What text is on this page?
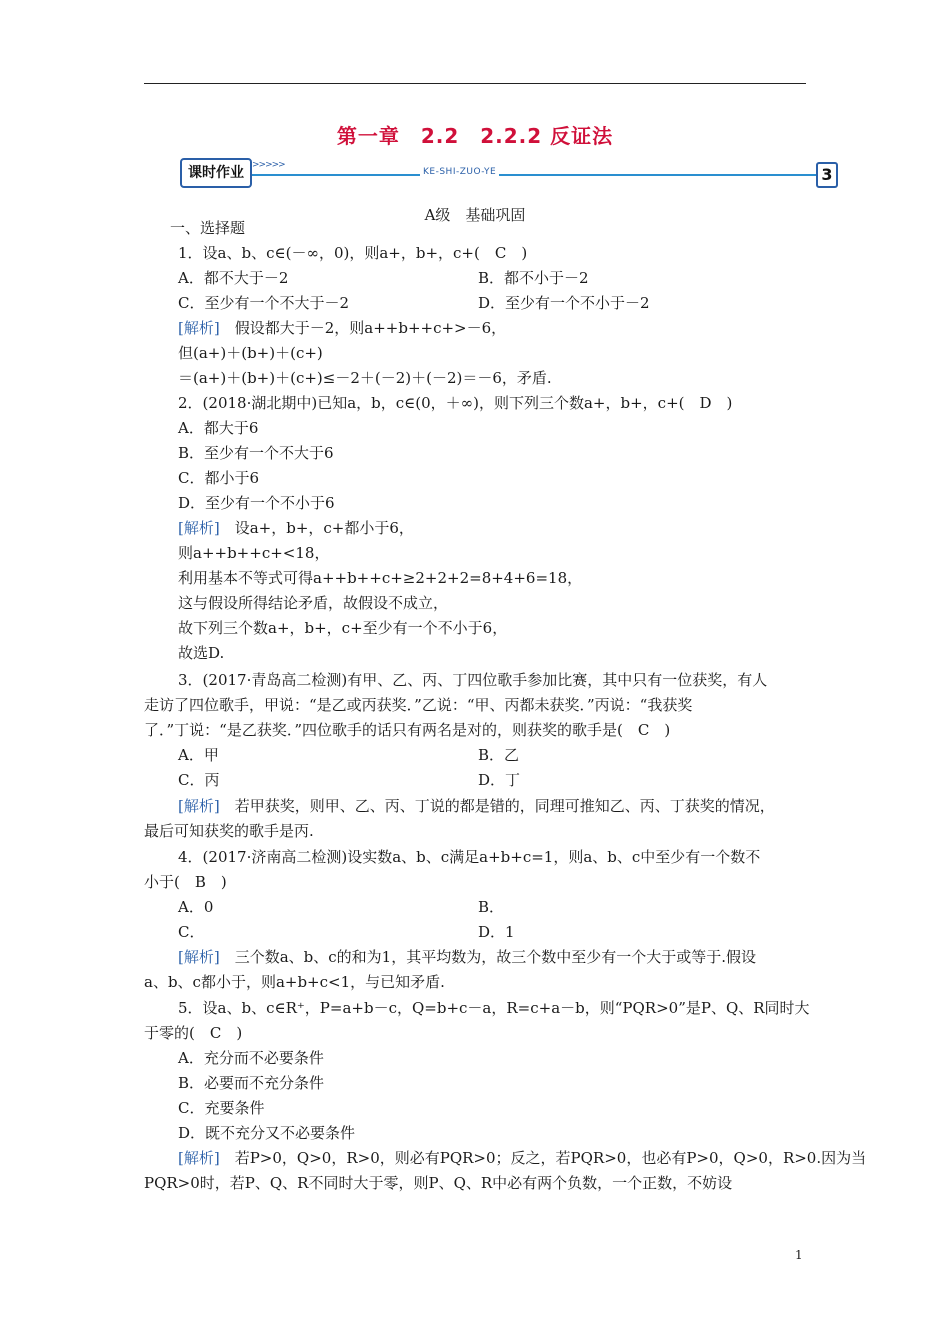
第一章　2.2　2.2.2 反证法
课时作业 >>>>>
KE-SHI-ZUO-YE	3
A级　基础巩固
一、选择题
1．设a、b、c∈(－∞，0)，则a+，b+，c+(　C　)
A．都不大于－2	B．都不小于－2
C．至少有一个不大于－2	D．至少有一个不小于－2
[解析]　假设都大于－2，则a++b++c+>－6，
但(a+)＋(b+)＋(c+)
＝(a+)＋(b+)＋(c+)≤－2＋(－2)＋(－2)＝－6，矛盾.
2．(2018·湖北期中)已知a，b，c∈(0，＋∞)，则下列三个数a+，b+，c+(　D　)
A．都大于6
B．至少有一个不大于6
C．都小于6
D．至少有一个不小于6
[解析]　设a+，b+，c+都小于6，
则a++b++c+<18，
利用基本不等式可得a++b++c+≥2+2+2=8+4+6=18，
这与假设所得结论矛盾，故假设不成立，
故下列三个数a+，b+，c+至少有一个不小于6，
故选D.
3．(2017·青岛高二检测)有甲、乙、丙、丁四位歌手参加比赛，其中只有一位获奖，有人
走访了四位歌手，甲说：“是乙或丙获奖．”乙说：“甲、丙都未获奖．”丙说：“我获奖
了．”丁说：“是乙获奖．”四位歌手的话只有两名是对的，则获奖的歌手是(　C　)
A．甲	B．乙
C．丙	D．丁
[解析]　若甲获奖，则甲、乙、丙、丁说的都是错的，同理可推知乙、丙、丁获奖的情况，
最后可知获奖的歌手是丙.
4．(2017·济南高二检测)设实数a、b、c满足a+b+c=1，则a、b、c中至少有一个数不
小于(　B　)
A．0	B．
C．	D．1
[解析]　三个数a、b、c的和为1，其平均数为，故三个数中至少有一个大于或等于.假设
a、b、c都小于，则a+b+c<1，与已知矛盾.
5．设a、b、c∈R⁺，P=a+b－c，Q=b+c－a，R=c+a－b，则“PQR>0”是P、Q、R同时大
于零的(　C　)
A．充分而不必要条件
B．必要而不充分条件
C．充要条件
D．既不充分又不必要条件
[解析]　若P>0，Q>0，R>0，则必有PQR>0；反之，若PQR>0，也必有P>0，Q>0，R>0.因为当
PQR>0时，若P、Q、R不同时大于零，则P、Q、R中必有两个负数，一个正数，不妨设
1
